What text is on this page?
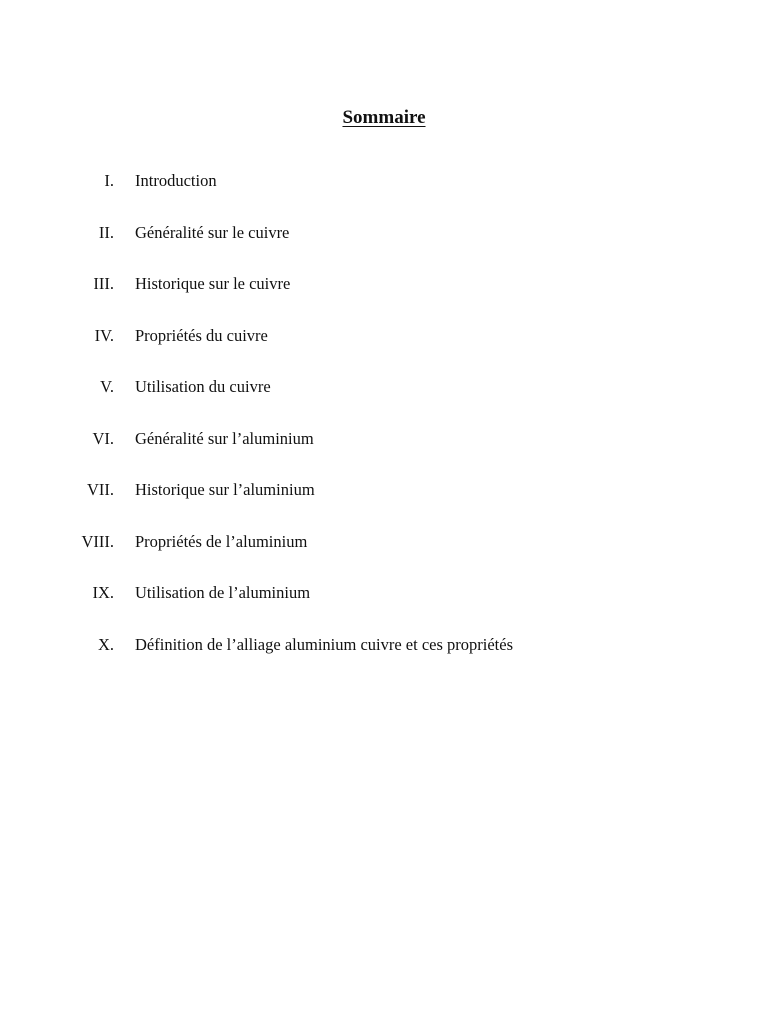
Sommaire
I. Introduction
II. Généralité sur le cuivre
III. Historique sur le cuivre
IV. Propriétés du cuivre
V. Utilisation du cuivre
VI. Généralité sur l’aluminium
VII. Historique sur l’aluminium
VIII. Propriétés de l’aluminium
IX. Utilisation de l’aluminium
X. Définition de l’alliage aluminium cuivre et ces propriétés
